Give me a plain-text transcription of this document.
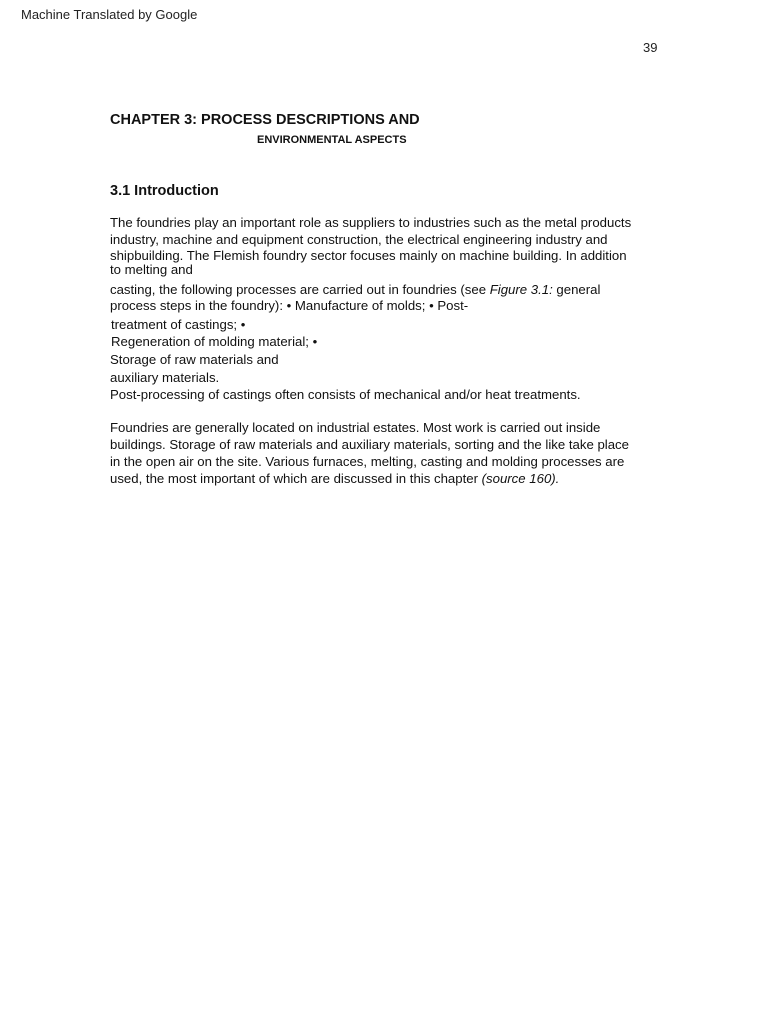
Machine Translated by Google
39
CHAPTER 3: PROCESS DESCRIPTIONS AND
ENVIRONMENTAL ASPECTS
3.1 Introduction
The foundries play an important role as suppliers to industries such as the metal products
industry, machine and equipment construction, the electrical engineering industry and
shipbuilding. The Flemish foundry sector focuses mainly on machine building. In addition
to melting and
casting, the following processes are carried out in foundries (see Figure 3.1: general
process steps in the foundry): • Manufacture of molds; • Post-
treatment of castings; •
Regeneration of molding material; •
Storage of raw materials and
auxiliary materials.
Post-processing of castings often consists of mechanical and/or heat treatments.
Foundries are generally located on industrial estates. Most work is carried out inside
buildings. Storage of raw materials and auxiliary materials, sorting and the like take place
in the open air on the site. Various furnaces, melting, casting and molding processes are
used, the most important of which are discussed in this chapter (source 160).
